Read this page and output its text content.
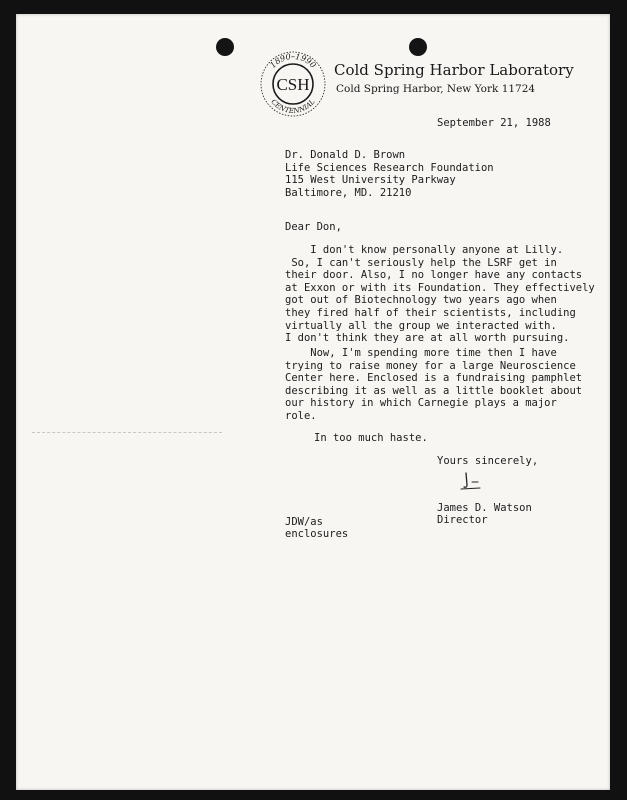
1890–1990
CSH
CENTENNIAL
Cold Spring Harbor Laboratory
Cold Spring Harbor, New York 11724
September 21, 1988
Dr. Donald D. Brown
Life Sciences Research Foundation
115 West University Parkway
Baltimore, MD. 21210
Dear Don,
I don't know personally anyone at Lilly.
So, I can't seriously help the LSRF get in
their door. Also, I no longer have any contacts
at Exxon or with its Foundation. They effectively
got out of Biotechnology two years ago when
they fired half of their scientists, including
virtually all the group we interacted with.
I don't think they are at all worth pursuing.
Now, I'm spending more time then I have
trying to raise money for a large Neuroscience
Center here. Enclosed is a fundraising pamphlet
describing it as well as a little booklet about
our history in which Carnegie plays a major
role.
In too much haste.
Yours sincerely,
James D. Watson
Director
JDW/as
enclosures
